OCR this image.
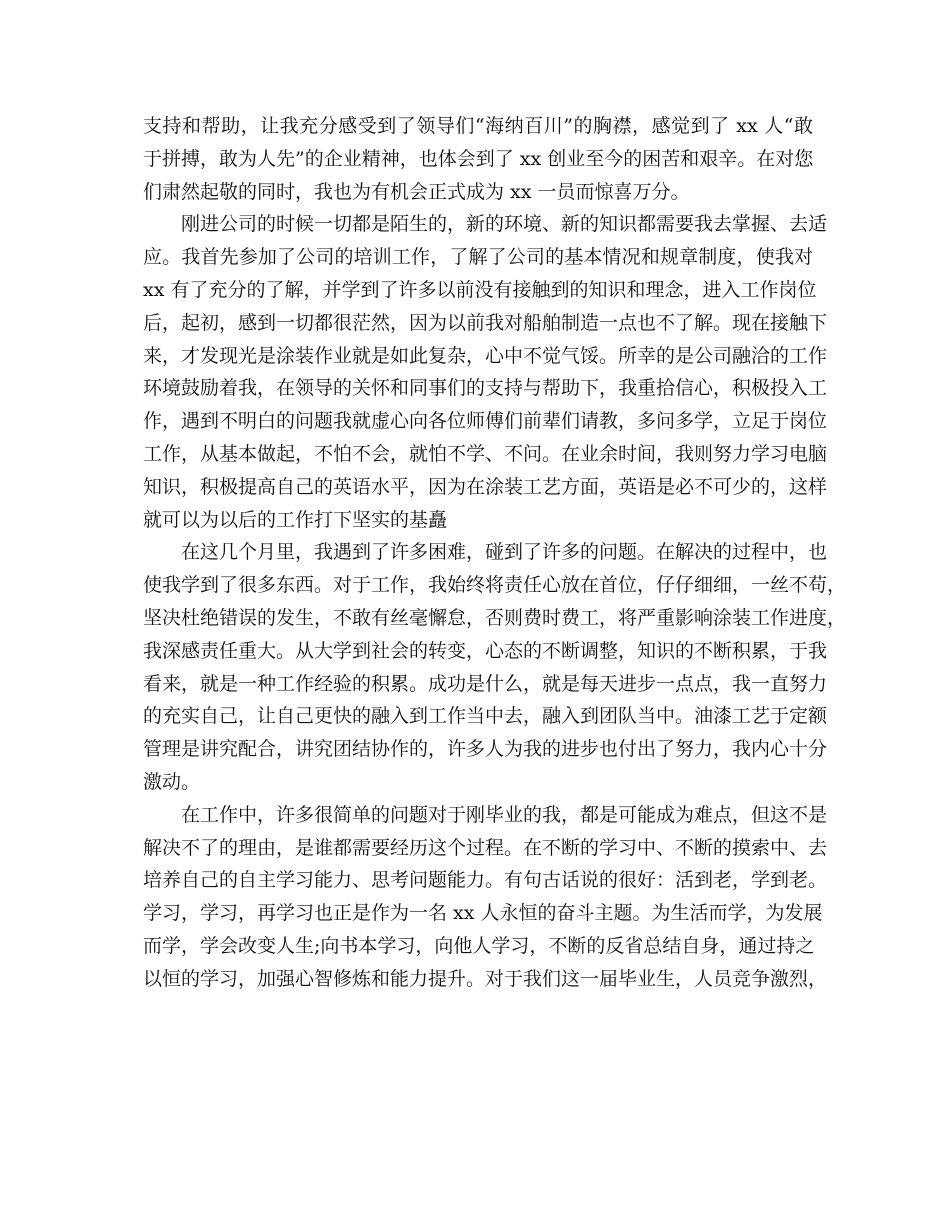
支持和帮助，让我充分感受到了领导们“海纳百川”的胸襟，感觉到了 xx 人“敢
于拼搏，敢为人先”的企业精神，也体会到了 xx 创业至今的困苦和艰辛。在对您
们肃然起敬的同时，我也为有机会正式成为 xx 一员而惊喜万分。
刚进公司的时候一切都是陌生的，新的环境、新的知识都需要我去掌握、去适
应。我首先参加了公司的培训工作，了解了公司的基本情况和规章制度，使我对
xx 有了充分的了解，并学到了许多以前没有接触到的知识和理念，进入工作岗位
后，起初，感到一切都很茫然，因为以前我对船舶制造一点也不了解。现在接触下
来，才发现光是涂装作业就是如此复杂，心中不觉气馁。所幸的是公司融洽的工作
环境鼓励着我，在领导的关怀和同事们的支持与帮助下，我重拾信心，积极投入工
作，遇到不明白的问题我就虚心向各位师傅们前辈们请教，多问多学，立足于岗位
工作，从基本做起，不怕不会，就怕不学、不问。在业余时间，我则努力学习电脑
知识，积极提高自己的英语水平，因为在涂装工艺方面，英语是必不可少的，这样
就可以为以后的工作打下坚实的基矗
在这几个月里，我遇到了许多困难，碰到了许多的问题。在解决的过程中，也
使我学到了很多东西。对于工作，我始终将责任心放在首位，仔仔细细，一丝不苟，
坚决杜绝错误的发生，不敢有丝毫懈怠，否则费时费工，将严重影响涂装工作进度，
我深感责任重大。从大学到社会的转变，心态的不断调整，知识的不断积累，于我
看来，就是一种工作经验的积累。成功是什么，就是每天进步一点点，我一直努力
的充实自己，让自己更快的融入到工作当中去，融入到团队当中。油漆工艺于定额
管理是讲究配合，讲究团结协作的，许多人为我的进步也付出了努力，我内心十分
激动。
在工作中，许多很简单的问题对于刚毕业的我，都是可能成为难点，但这不是
解决不了的理由，是谁都需要经历这个过程。在不断的学习中、不断的摸索中、去
培养自己的自主学习能力、思考问题能力。有句古话说的很好：活到老，学到老。
学习，学习，再学习也正是作为一名 xx 人永恒的奋斗主题。为生活而学，为发展
而学，学会改变人生;向书本学习，向他人学习，不断的反省总结自身，通过持之
以恒的学习，加强心智修炼和能力提升。对于我们这一届毕业生，人员竞争激烈，
